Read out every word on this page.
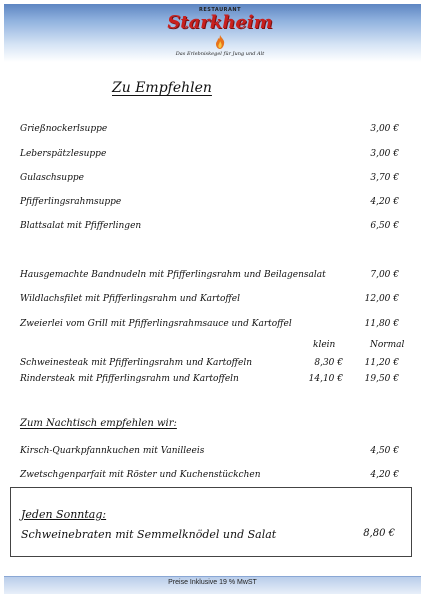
RESTAURANT
Starkheim
Das Erlebniskegel für Jung und Alt
Zu Empfehlen
Grießnockerlsuppe	3,00 €
Leberspätzlesuppe	3,00 €
Gulaschsuppe	3,70 €
Pfifferlingsrahmsuppe	4,20 €
Blattsalat mit Pfifferlingen	6,50 €
Hausgemachte Bandnudeln mit Pfifferlingsrahm und Beilagensalat	7,00 €
Wildlachsfilet mit Pfifferlingsrahm und Kartoffel	12,00 €
Zweierlei vom Grill mit Pfifferlingsrahmsauce und Kartoffel	11,80 €
klein	Normal
Schweinesteak mit Pfifferlingsrahm und Kartoffeln	8,30 € 11,20 €
Rindersteak mit Pfifferlingsrahm und Kartoffeln	14,10 € 19,50 €
Zum Nachtisch empfehlen wir:
Kirsch-Quarkpfannkuchen mit Vanilleeis	4,50 €
Zwetschgenparfait mit Röster und Kuchenstückchen	4,20 €
Jeden Sonntag:
Schweinebraten mit Semmelknödel und Salat	8,80 €
Preise Inklusive 19 % MwST
